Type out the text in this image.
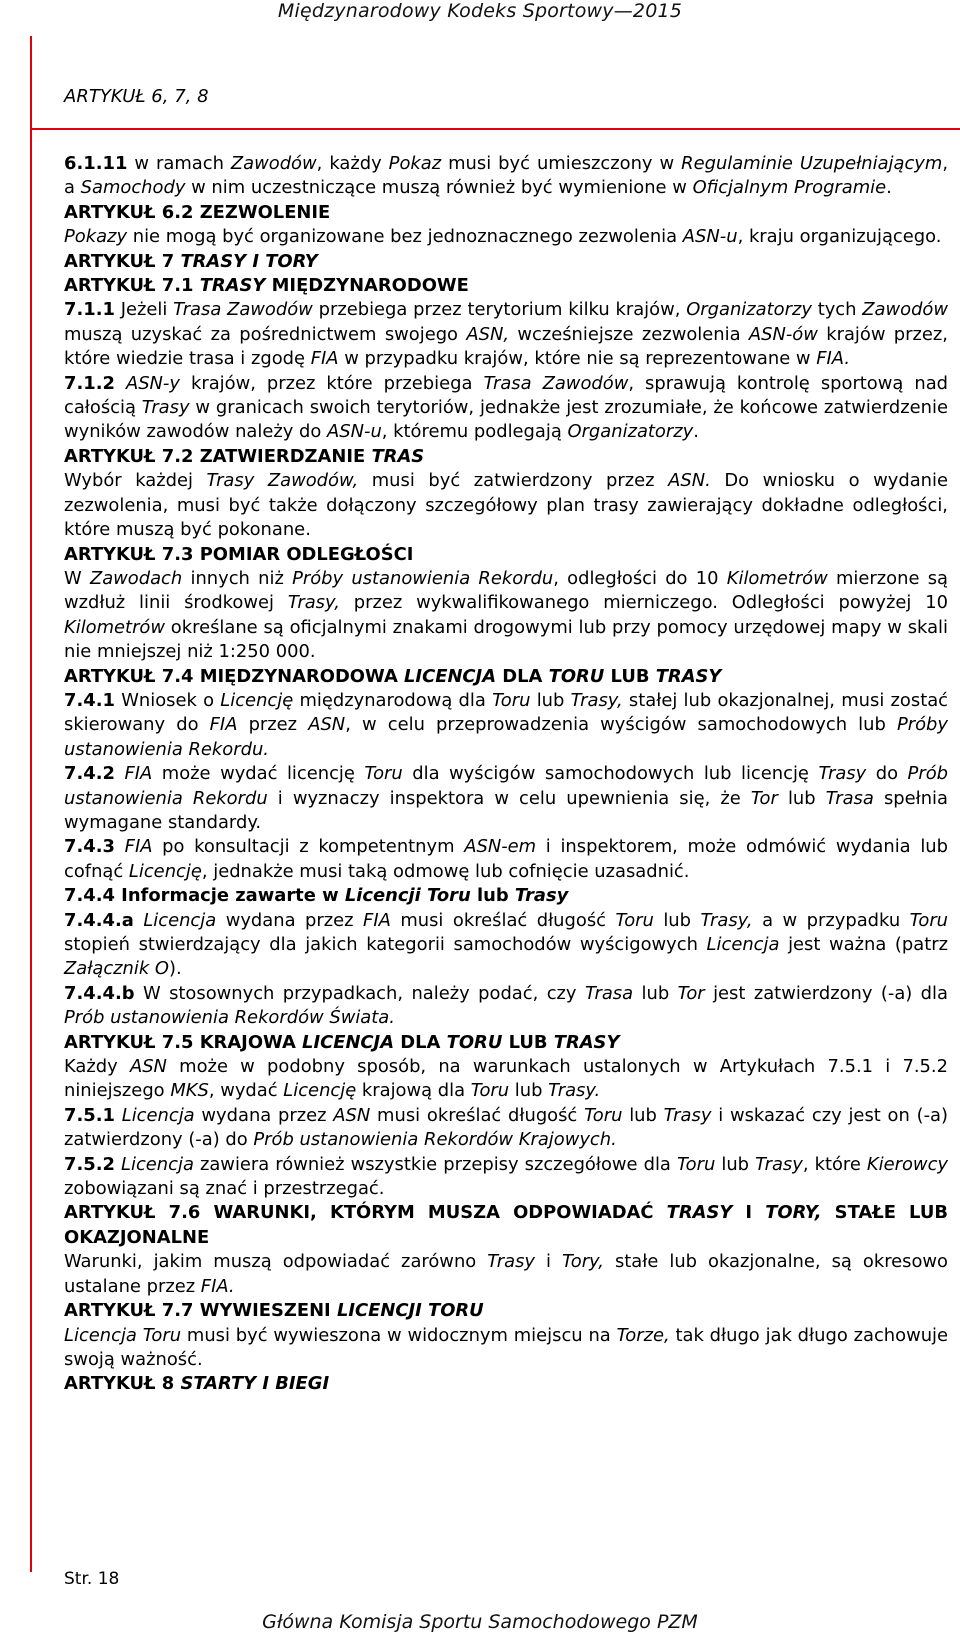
Międzynarodowy Kodeks Sportowy—2015
ARTYKUŁ 6, 7, 8

6.1.11 w ramach Zawodów, każdy Pokaz musi być umieszczony w Regulaminie Uzupełniającym, a Samochody w nim uczestniczące muszą również być wymienione w Oficjalnym Programie.

ARTYKUŁ 6.2 ZEZWOLENIE

Pokazy nie mogą być organizowane bez jednoznacznego zezwolenia ASN-u, kraju organizującego.

ARTYKUŁ 7 TRASY I TORY

ARTYKUŁ 7.1 TRASY MIĘDZYNARODOWE

7.1.1 Jeżeli Trasa Zawodów przebiega przez terytorium kilku krajów, Organizatorzy tych Zawodów muszą uzyskać za pośrednictwem swojego ASN, wcześniejsze zezwolenia ASN-ów krajów przez, które wiedzie trasa i zgodę FIA w przypadku krajów, które nie są reprezentowane w FIA.

7.1.2 ASN-y krajów, przez które przebiega Trasa Zawodów, sprawują kontrolę sportową nad całością Trasy w granicach swoich terytoriów, jednakże jest zrozumiałe, że końcowe zatwierdzenie wyników zawodów należy do ASN-u, któremu podlegają Organizatorzy.

ARTYKUŁ 7.2 ZATWIERDZANIE TRAS

Wybór każdej Trasy Zawodów, musi być zatwierdzony przez ASN. Do wniosku o wydanie zezwolenia, musi być także dołączony szczegółowy plan trasy zawierający dokładne odległości, które muszą być pokonane.

ARTYKUŁ 7.3 POMIAR ODLEGŁOŚCI

W Zawodach innych niż Próby ustanowienia Rekordu, odległości do 10 Kilometrów mierzone są wzdłuż linii środkowej Trasy, przez wykwalifikowanego mierniczego. Odległości powyżej 10 Kilometrów określane są oficjalnymi znakami drogowymi lub przy pomocy urzędowej mapy w skali nie mniejszej niż 1:250 000.

ARTYKUŁ 7.4 MIĘDZYNARODOWA LICENCJA DLA TORU LUB TRASY

7.4.1 Wniosek o Licencję międzynarodową dla Toru lub Trasy, stałej lub okazjonalnej, musi zostać skierowany do FIA przez ASN, w celu przeprowadzenia wyścigów samochodowych lub Próby ustanowienia Rekordu.

7.4.2 FIA może wydać licencję Toru dla wyścigów samochodowych lub licencję Trasy do Prób ustanowienia Rekordu i wyznaczy inspektora w celu upewnienia się, że Tor lub Trasa spełnia wymagane standardy.

7.4.3 FIA po konsultacji z kompetentnym ASN-em i inspektorem, może odmówić wydania lub cofnąć Licencję, jednakże musi taką odmowę lub cofnięcie uzasadnić.

7.4.4 Informacje zawarte w Licencji Toru lub Trasy

7.4.4.a Licencja wydana przez FIA musi określać długość Toru lub Trasy, a w przypadku Toru stopień stwierdzający dla jakich kategorii samochodów wyścigowych Licencja jest ważna (patrz Załącznik O).

7.4.4.b W stosownych przypadkach, należy podać, czy Trasa lub Tor jest zatwierdzony (-a) dla Prób ustanowienia Rekordów Świata.

ARTYKUŁ 7.5 KRAJOWA LICENCJA DLA TORU LUB TRASY

Każdy ASN może w podobny sposób, na warunkach ustalonych w Artykułach 7.5.1 i 7.5.2 niniejszego MKS, wydać Licencję krajową dla Toru lub Trasy.

7.5.1 Licencja wydana przez ASN musi określać długość Toru lub Trasy i wskazać czy jest on (-a) zatwierdzony (-a) do Prób ustanowienia Rekordów Krajowych.

7.5.2 Licencja zawiera również wszystkie przepisy szczegółowe dla Toru lub Trasy, które Kierowcy zobowiązani są znać i przestrzegać.

ARTYKUŁ 7.6 WARUNKI, KTÓRYM MUSZA ODPOWIADAĆ TRASY I TORY, STAŁE LUB OKAZJONALNE

Warunki, jakim muszą odpowiadać zarówno Trasy i Tory, stałe lub okazjonalne, są okresowo ustalane przez FIA.

ARTYKUŁ 7.7 WYWIESZENI LICENCJI TORU

Licencja Toru musi być wywieszona w widocznym miejscu na Torze, tak długo jak długo zachowuje swoją ważność.

ARTYKUŁ 8 STARTY I BIEGI

Str. 18
Główna Komisja Sportu Samochodowego PZM
